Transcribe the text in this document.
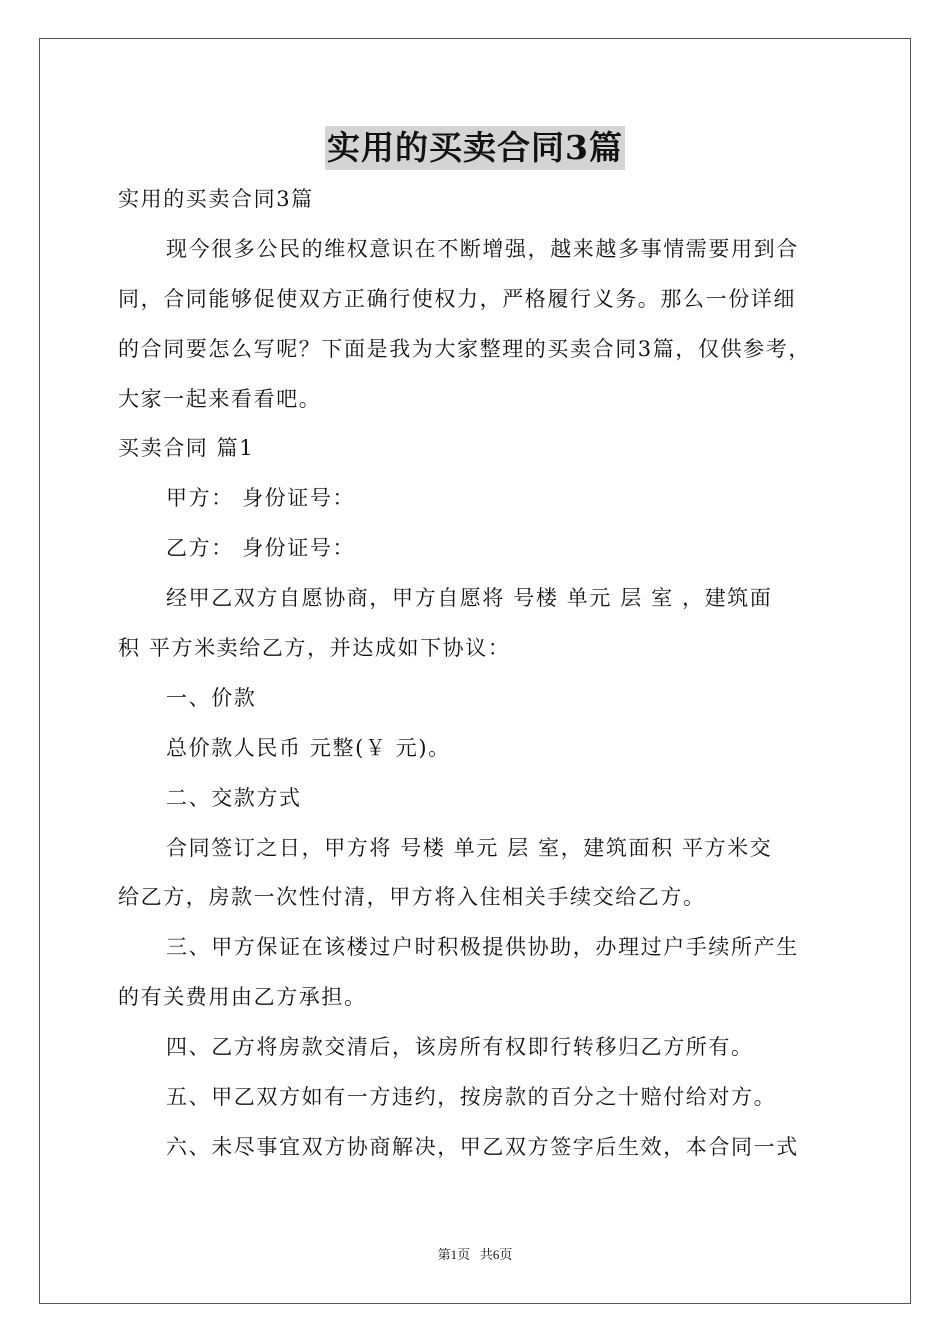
实用的买卖合同3篇
实用的买卖合同3篇
现今很多公民的维权意识在不断增强，越来越多事情需要用到合
同，合同能够促使双方正确行使权力，严格履行义务。那么一份详细
的合同要怎么写呢？下面是我为大家整理的买卖合同3篇，仅供参考，
大家一起来看看吧。
买卖合同 篇1
甲方： 身份证号：
乙方： 身份证号：
经甲乙双方自愿协商，甲方自愿将 号楼 单元 层 室 ，建筑面
积 平方米卖给乙方，并达成如下协议：
一、价款
总价款人民币 元整(￥ 元)。
二、交款方式
合同签订之日，甲方将 号楼 单元 层 室，建筑面积 平方米交
给乙方，房款一次性付清，甲方将入住相关手续交给乙方。
三、甲方保证在该楼过户时积极提供协助，办理过户手续所产生
的有关费用由乙方承担。
四、乙方将房款交清后，该房所有权即行转移归乙方所有。
五、甲乙双方如有一方违约，按房款的百分之十赔付给对方。
六、未尽事宜双方协商解决，甲乙双方签字后生效，本合同一式
第1页   共6页
